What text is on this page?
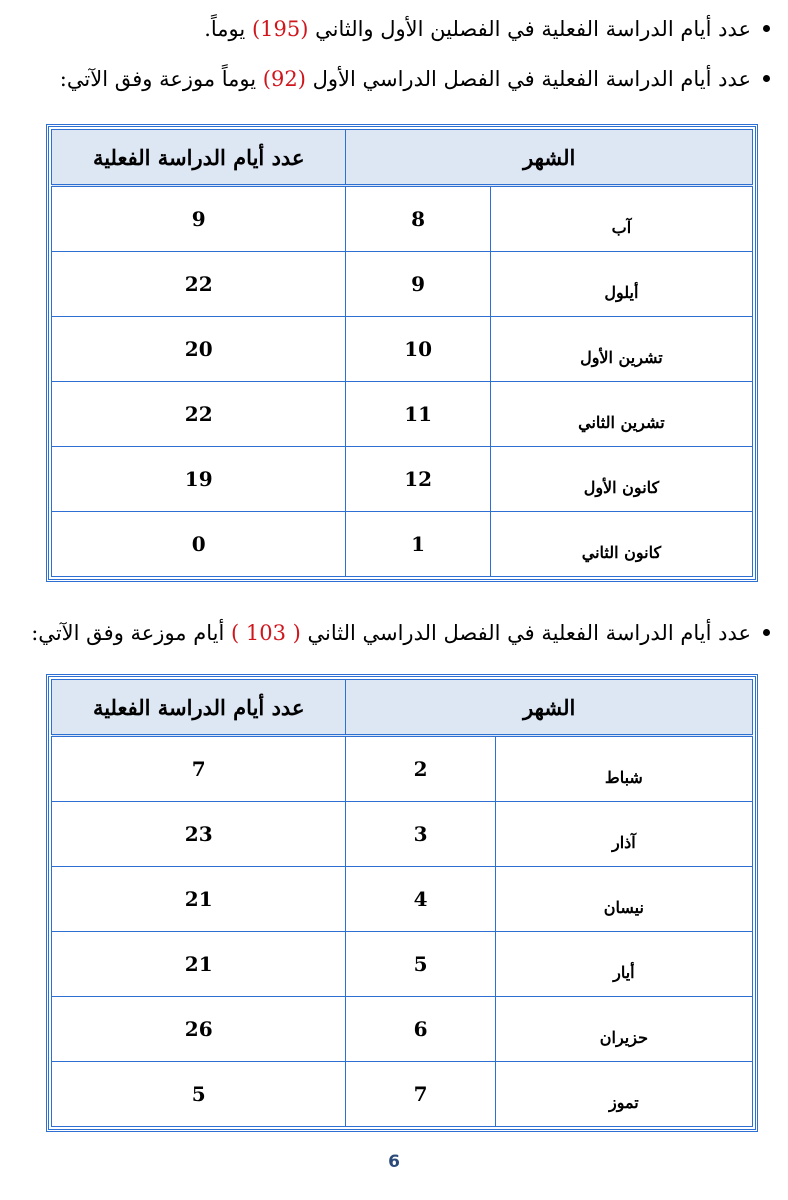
عدد أيام الدراسة الفعلية في الفصلين الأول والثاني (195) يوماً.
عدد أيام الدراسة الفعلية في الفصل الدراسي الأول (92) يوماً موزعة وفق الآتي:
الشهر		عدد أيام الدراسة الفعلية
آب	8	9
أيلول	9	22
تشرين الأول	10	20
تشرين الثاني	11	22
كانون الأول	12	19
كانون الثاني	1	0
عدد أيام الدراسة الفعلية في الفصل الدراسي الثاني ( 103 ) أيام موزعة وفق الآتي:
الشهر		عدد أيام الدراسة الفعلية
شباط	2	7
آذار	3	23
نيسان	4	21
أيار	5	21
حزيران	6	26
تموز	7	5
6
